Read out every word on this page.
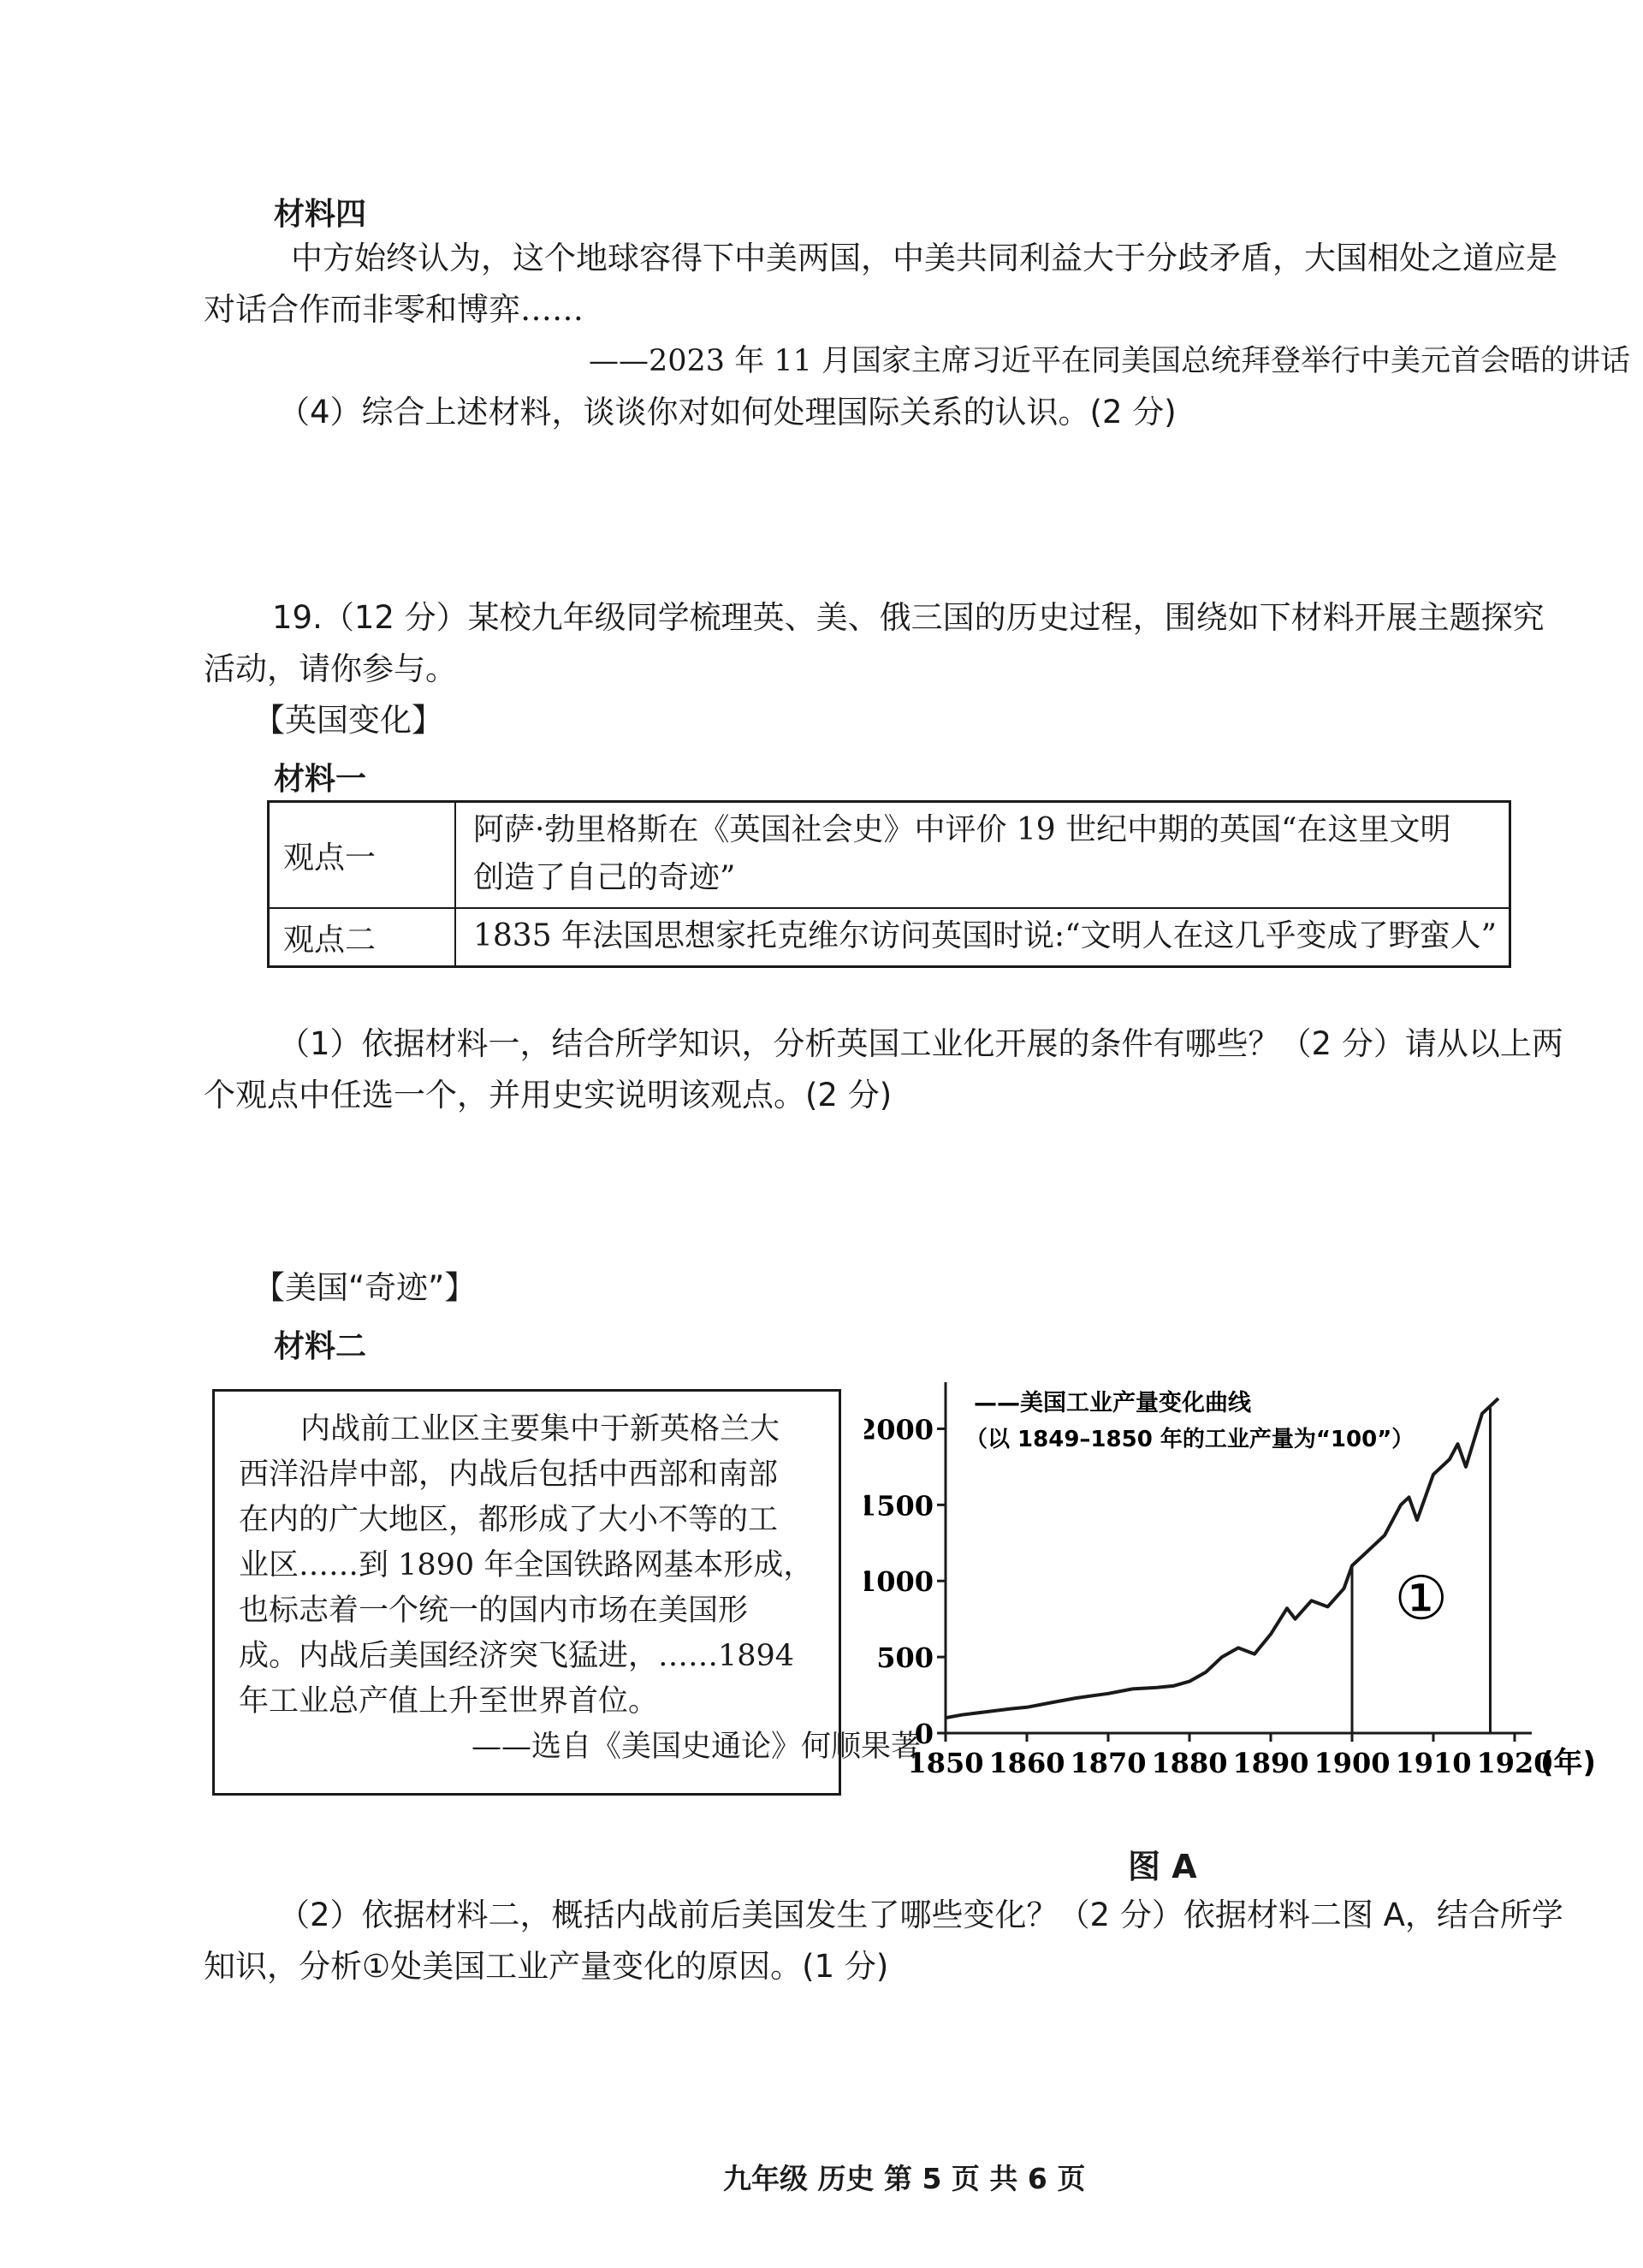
材料四
中方始终认为，这个地球容得下中美两国，中美共同利益大于分歧矛盾，大国相处之道应是
对话合作而非零和博弈……
——2023 年 11 月国家主席习近平在同美国总统拜登举行中美元首会晤的讲话
（4）综合上述材料，谈谈你对如何处理国际关系的认识。(2 分)
19.（12 分）某校九年级同学梳理英、美、俄三国的历史过程，围绕如下材料开展主题探究
活动，请你参与。
【英国变化】
材料一
观点一	阿萨·勃里格斯在《英国社会史》中评价 19 世纪中期的英国“在这里文明
创造了自己的奇迹”

观点二	1835 年法国思想家托克维尔访问英国时说:“文明人在这几乎变成了野蛮人”
（1）依据材料一，结合所学知识，分析英国工业化开展的条件有哪些？（2 分）请从以上两
个观点中任选一个，并用史实说明该观点。(2 分)
【美国“奇迹”】
材料二
内战前工业区主要集中于新英格兰大
西洋沿岸中部，内战后包括中西部和南部
在内的广大地区，都形成了大小不等的工
业区……到 1890 年全国铁路网基本形成，
也标志着一个统一的国内市场在美国形
成。内战后美国经济突飞猛进，……1894
年工业总产值上升至世界首位。
——选自《美国史通论》何顺果著
0
500
1000
1500
2000
1850 1860 1870 1880 1890 1900 1910 1920
①
——美国工业产量变化曲线
（以 1849–1850 年的工业产量为“100”）
(年)
图 A
（2）依据材料二，概括内战前后美国发生了哪些变化？（2 分）依据材料二图 A，结合所学
知识，分析①处美国工业产量变化的原因。(1 分)
九年级 历史 第 5 页 共 6 页
